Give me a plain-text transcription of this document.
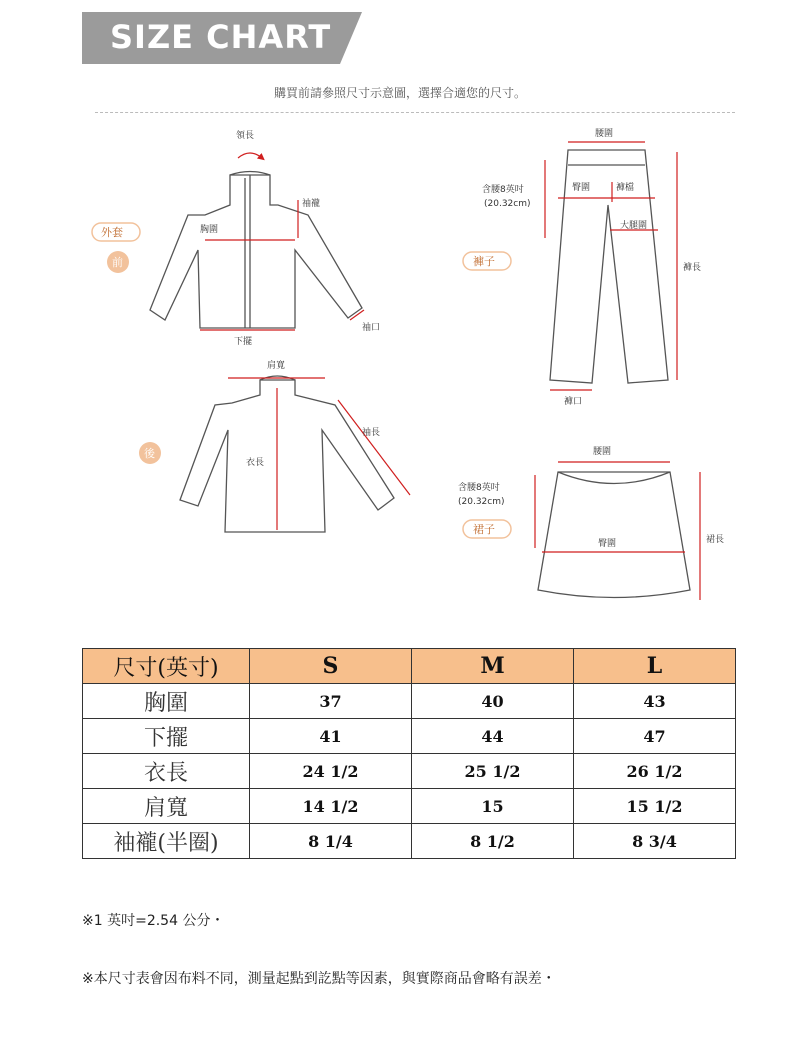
SIZE CHART
購買前請參照尺寸示意圖，選擇合適您的尺寸。
領長
袖襱
胸圍
下擺
袖口
外套
前
肩寬
袖長
衣長
後
腰圍
含腰8英吋
(20.32cm)
臀圍	褲檔
大腿圍
褲長
褲口
褲子
腰圍
含腰8英吋
(20.32cm)
臀圍	裙長
裙子
尺寸(英寸)	S	M	L
胸圍	37	40	43
下擺	41	44	47
衣長	24 1/2	25 1/2	26 1/2
肩寬	14 1/2	15	15 1/2
袖襱(半圈)	8 1/4	8 1/2	8 3/4
※1 英吋=2.54 公分・
※本尺寸表會因布料不同，測量起點到訖點等因素，與實際商品會略有誤差・
